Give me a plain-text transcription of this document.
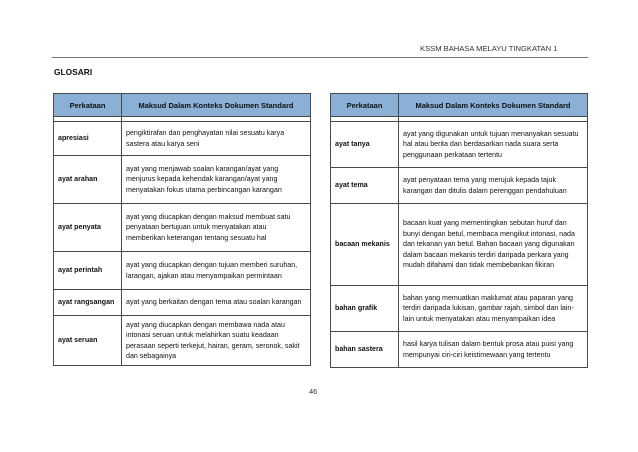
KSSM BAHASA MELAYU TINGKATAN 1
GLOSARI
Perkataan	Maksud Dalam Konteks Dokumen Standard

apresiasi	pengiktirafan dan penghayatan nilai sesuatu karya sastera atau karya seni
ayat arahan	ayat yang menjawab soalan karangan/ayat yang menjurus kepada kehendak karangan/ayat yang menyatakan fokus utama perbincangan karangan
ayat penyata	ayat yang diucapkan dengan maksud membuat satu penyataan bertujuan untuk menyatakan atau memberikan keterangan tentang sesuatu hal
ayat perintah	ayat yang diucapkan dengan tujuan memberi suruhan, larangan, ajakan atau menyampaikan permintaan
ayat rangsangan	ayat yang berkaitan dengan tema atau soalan karangan
ayat seruan	ayat yang diucapkan dengan membawa nada atau intonasi seruan untuk melahirkan suatu keadaan perasaan seperti terkejut, hairan, geram, seronok, sakit dan sebagainya
Perkataan	Maksud Dalam Konteks Dokumen Standard

ayat tanya	ayat yang digunakan untuk tujuan menanyakan sesuatu hal atau berita dan berdasarkan nada suara serta penggunaan perkataan tertentu
ayat tema	ayat penyataan tema yang merujuk kepada tajuk karangan dan ditulis dalam perenggan pendahuluan
bacaan mekanis	bacaan kuat yang mementingkan sebutan huruf dan bunyi dengan betul, membaca mengikut intonasi, nada dan tekanan yan betul. Bahan bacaan yang digunakan dalam bacaan mekanis terdiri daripada perkara yang mudah difahami dan tidak membebankan fikiran
bahan grafik	bahan yang memuatkan maklumat atau paparan yang terdiri daripada lukisan, gambar rajah, simbol dan lain-lain untuk menyatakan atau menyampaikan idea
bahan sastera	hasil karya tulisan dalam bentuk prosa atau puisi yang mempunyai ciri-ciri keistimewaan yang tertentu
46
